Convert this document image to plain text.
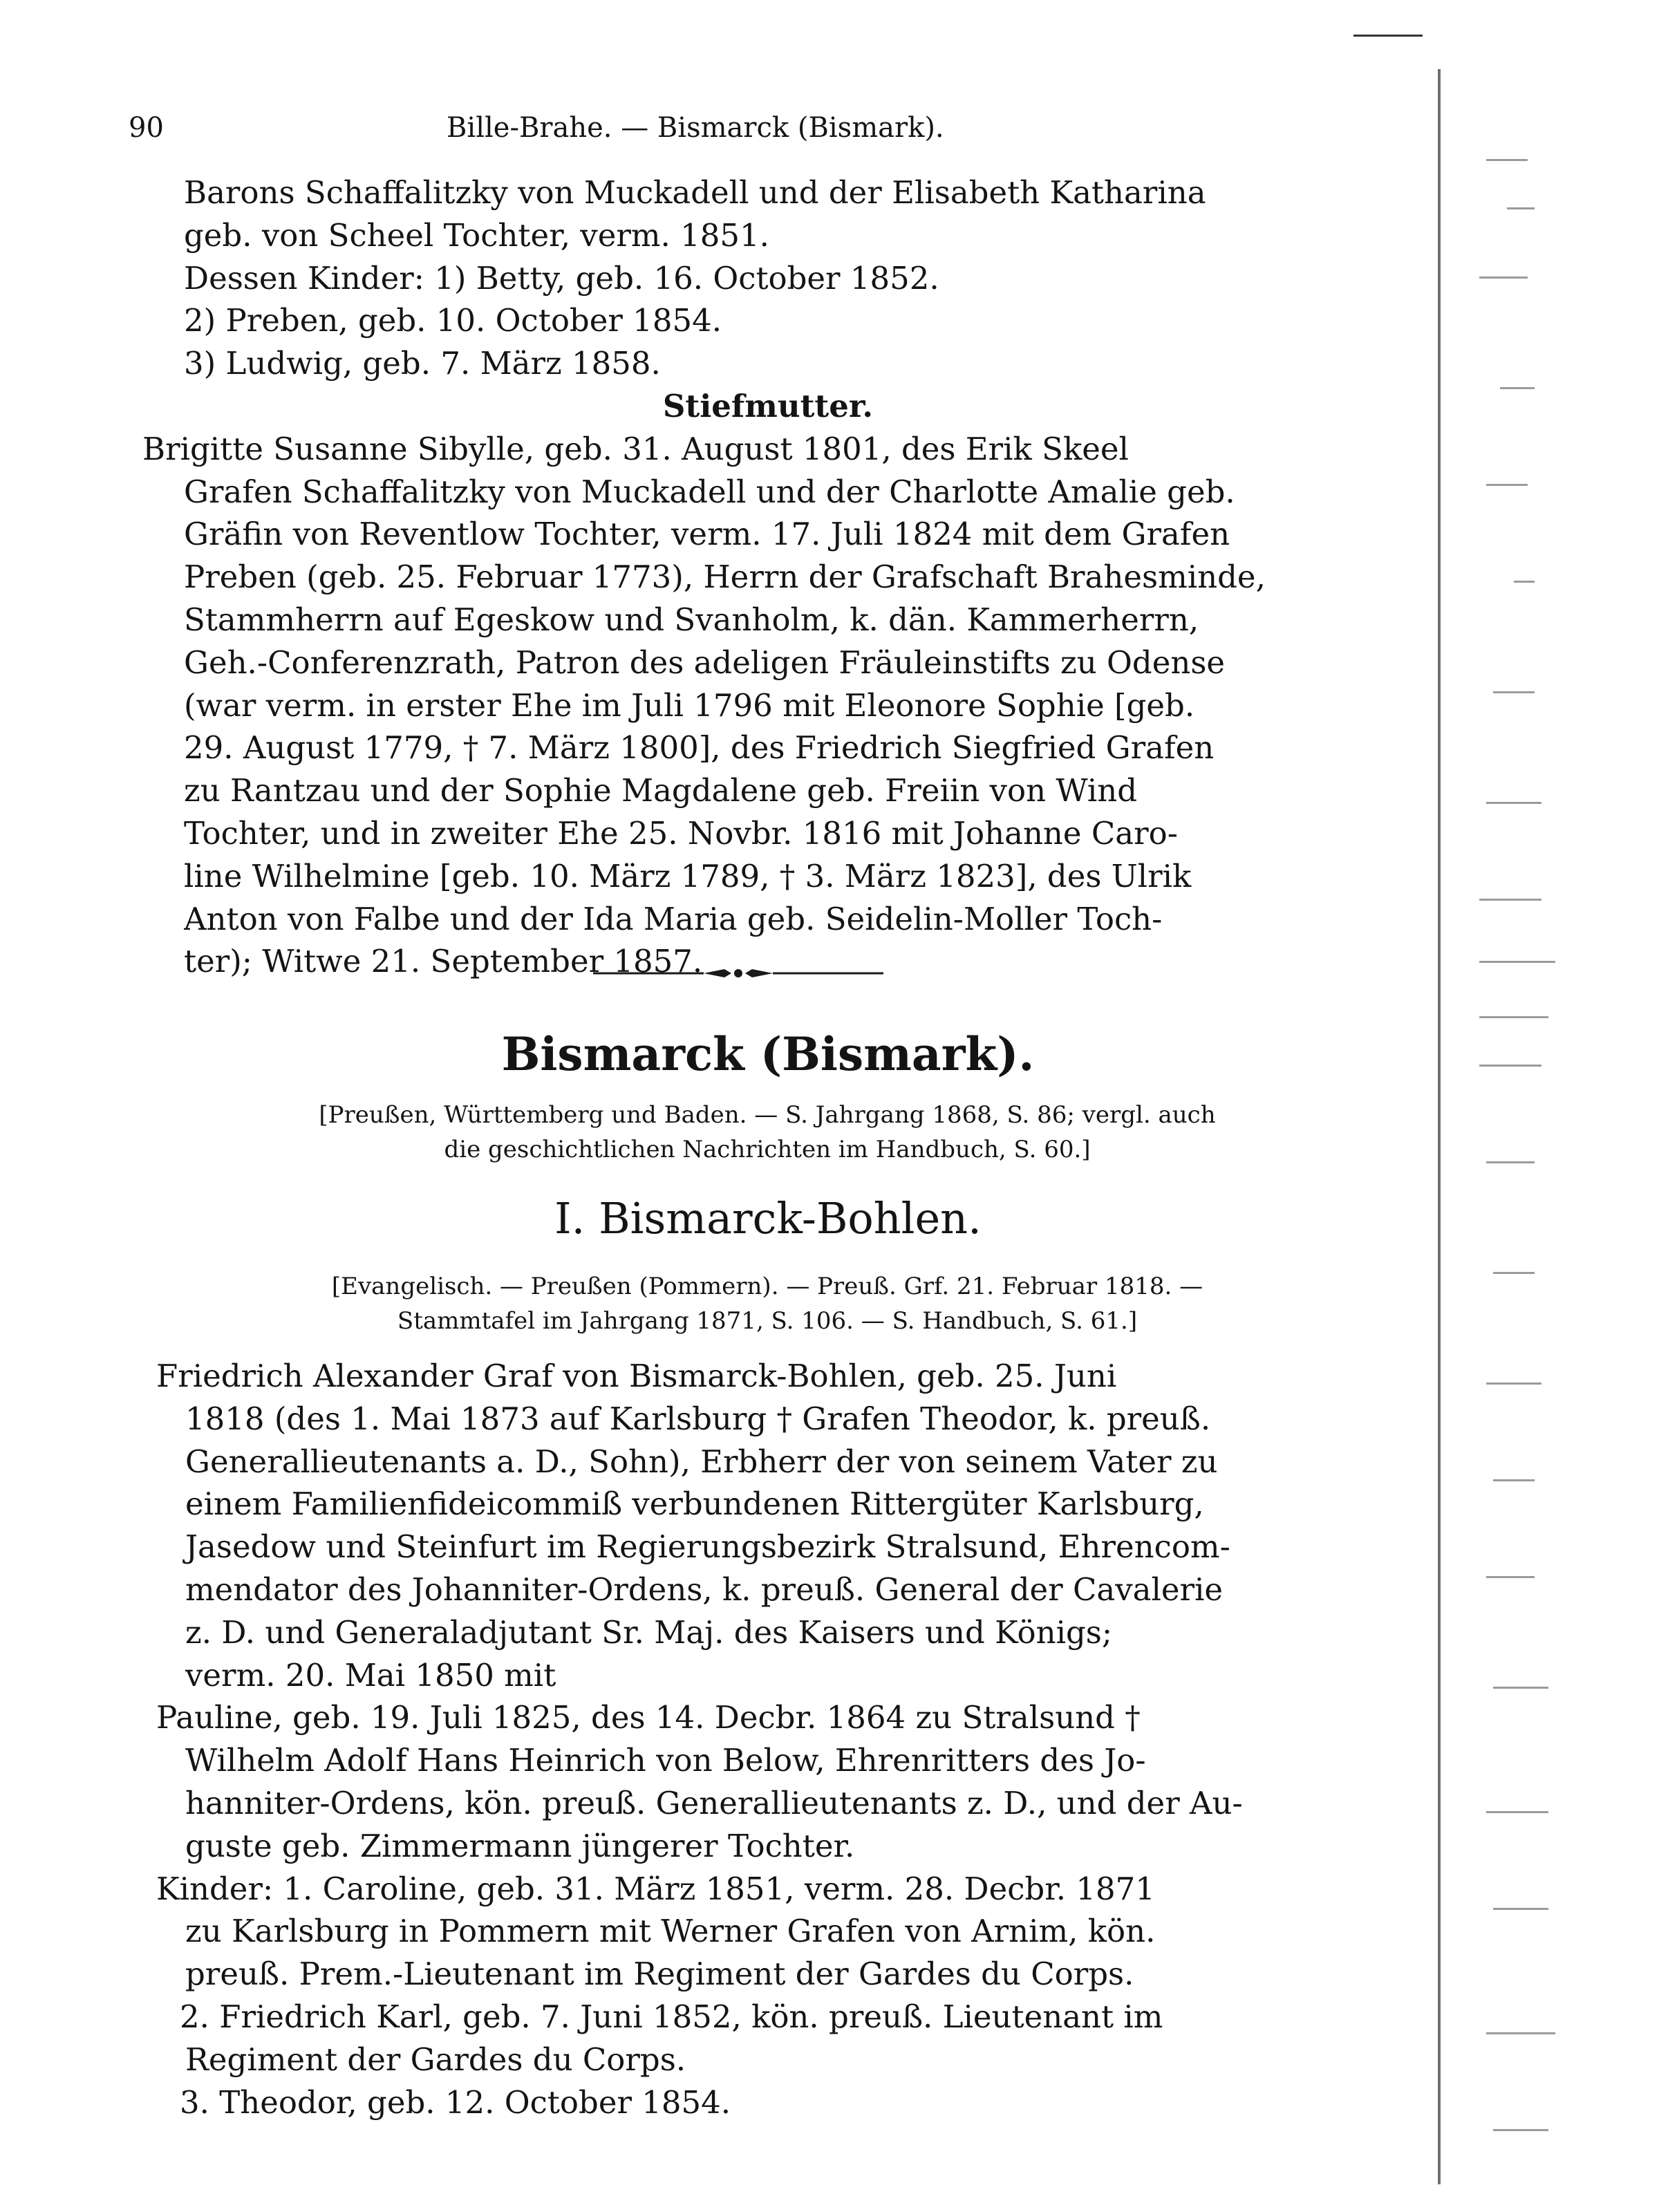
90	Bille-Brahe. — Bismarck (Bismark).
Barons Schaffalitzky von Muckadell und der Elisabeth Katharina
geb. von Scheel Tochter, verm. 1851.
Dessen Kinder: 1) Betty, geb. 16. October 1852.
2) Preben, geb. 10. October 1854.
3) Ludwig, geb. 7. März 1858.
Stiefmutter.
Brigitte Susanne Sibylle, geb. 31. August 1801, des Erik Skeel
Grafen Schaffalitzky von Muckadell und der Charlotte Amalie geb.
Gräfin von Reventlow Tochter, verm. 17. Juli 1824 mit dem Grafen
Preben (geb. 25. Februar 1773), Herrn der Grafschaft Brahesminde,
Stammherrn auf Egeskow und Svanholm, k. dän. Kammerherrn,
Geh.-Conferenzrath, Patron des adeligen Fräuleinstifts zu Odense
(war verm. in erster Ehe im Juli 1796 mit Eleonore Sophie [geb.
29. August 1779, † 7. März 1800], des Friedrich Siegfried Grafen
zu Rantzau und der Sophie Magdalene geb. Freiin von Wind
Tochter, und in zweiter Ehe 25. Novbr. 1816 mit Johanne Caro-
line Wilhelmine [geb. 10. März 1789, † 3. März 1823], des Ulrik
Anton von Falbe und der Ida Maria geb. Seidelin-Moller Toch-
ter); Witwe 21. September 1857.
Bismarck (Bismark).
[Preußen, Württemberg und Baden. — S. Jahrgang 1868, S. 86; vergl. auch
die geschichtlichen Nachrichten im Handbuch, S. 60.]
I. Bismarck-Bohlen.
[Evangelisch. — Preußen (Pommern). — Preuß. Grf. 21. Februar 1818. —
Stammtafel im Jahrgang 1871, S. 106. — S. Handbuch, S. 61.]
Friedrich Alexander Graf von Bismarck-Bohlen, geb. 25. Juni
1818 (des 1. Mai 1873 auf Karlsburg † Grafen Theodor, k. preuß.
Generallieutenants a. D., Sohn), Erbherr der von seinem Vater zu
einem Familienfideicommiß verbundenen Rittergüter Karlsburg,
Jasedow und Steinfurt im Regierungsbezirk Stralsund, Ehrencom-
mendator des Johanniter-Ordens, k. preuß. General der Cavalerie
z. D. und Generaladjutant Sr. Maj. des Kaisers und Königs;
verm. 20. Mai 1850 mit
Pauline, geb. 19. Juli 1825, des 14. Decbr. 1864 zu Stralsund †
Wilhelm Adolf Hans Heinrich von Below, Ehrenritters des Jo-
hanniter-Ordens, kön. preuß. Generallieutenants z. D., und der Au-
guste geb. Zimmermann jüngerer Tochter.
Kinder: 1. Caroline, geb. 31. März 1851, verm. 28. Decbr. 1871
zu Karlsburg in Pommern mit Werner Grafen von Arnim, kön.
preuß. Prem.-Lieutenant im Regiment der Gardes du Corps.
2. Friedrich Karl, geb. 7. Juni 1852, kön. preuß. Lieutenant im
Regiment der Gardes du Corps.
3. Theodor, geb. 12. October 1854.
